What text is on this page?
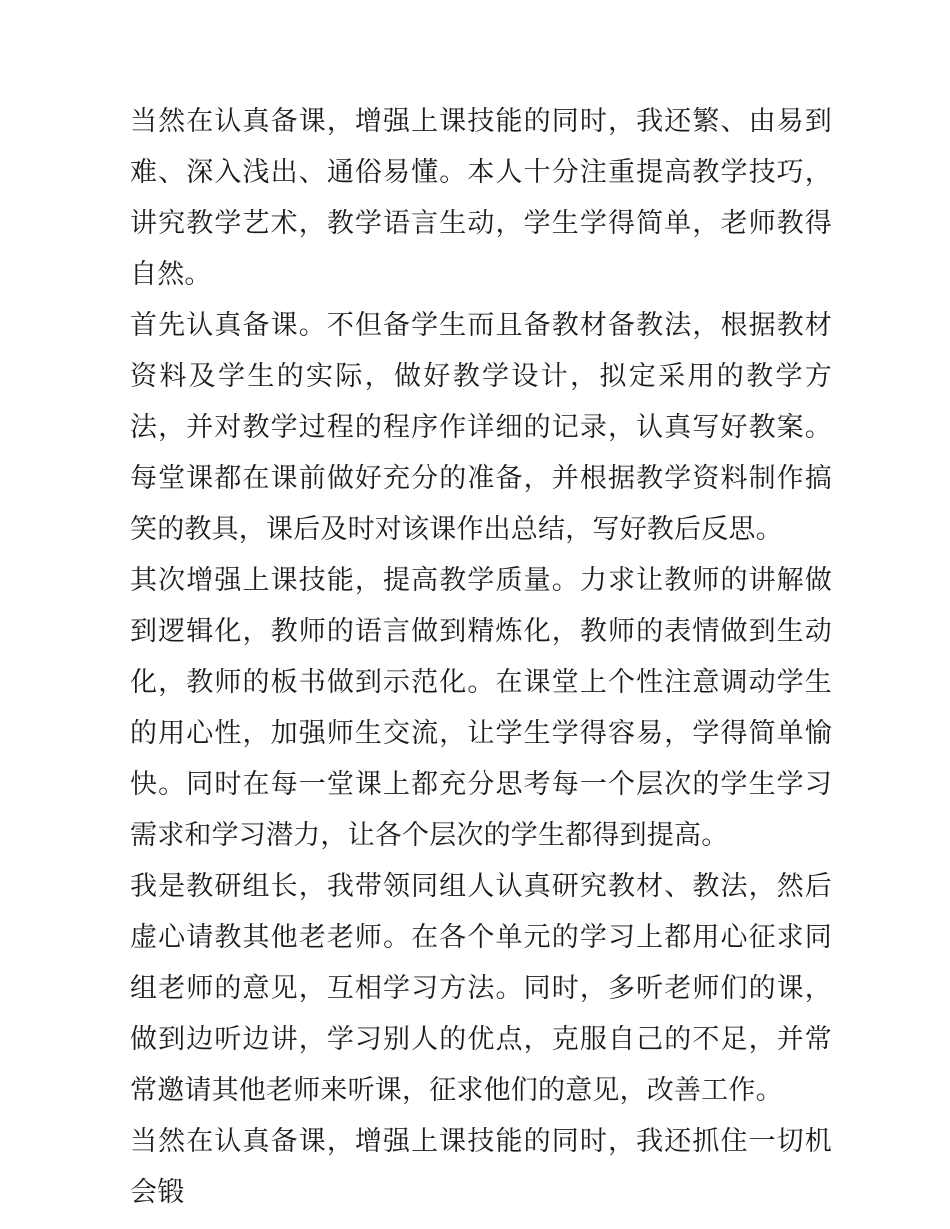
当然在认真备课，增强上课技能的同时，我还繁、由易到难、深入浅出、通俗易懂。本人十分注重提高教学技巧，讲究教学艺术，教学语言生动，学生学得简单，老师教得自然。

首先认真备课。不但备学生而且备教材备教法，根据教材资料及学生的实际，做好教学设计，拟定采用的教学方法，并对教学过程的程序作详细的记录，认真写好教案。每堂课都在课前做好充分的准备，并根据教学资料制作搞笑的教具，课后及时对该课作出总结，写好教后反思。

其次增强上课技能，提高教学质量。力求让教师的讲解做到逻辑化，教师的语言做到精炼化，教师的表情做到生动化，教师的板书做到示范化。在课堂上个性注意调动学生的用心性，加强师生交流，让学生学得容易，学得简单愉快。同时在每一堂课上都充分思考每一个层次的学生学习需求和学习潜力，让各个层次的学生都得到提高。

我是教研组长，我带领同组人认真研究教材、教法，然后虚心请教其他老老师。在各个单元的学习上都用心征求同组老师的意见，互相学习方法。同时，多听老师们的课，做到边听边讲，学习别人的优点，克服自己的不足，并常常邀请其他老师来听课，征求他们的意见，改善工作。

当然在认真备课，增强上课技能的同时，我还抓住一切机会锻
